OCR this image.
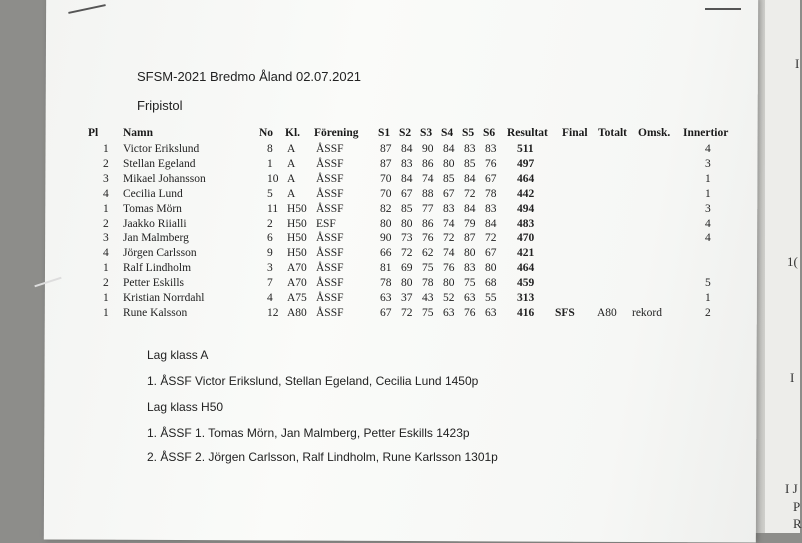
I
1(
I
I J
P
R
SFSM-2021 Bredmo Åland 02.07.2021
Fripistol
Pl Namn	No Kl. Förening S1 S2 S3 S4 S5 S6 Resultat Final Totalt Omsk. Innertior
1 Victor Erikslund	8 A ÅSSF	87 84 90 84 83 83 511	4
2 Stellan Egeland	1 A ÅSSF	87 83 86 80 85 76 497	3
3 Mikael Johansson	10 A ÅSSF	70 84 74 85 84 67 464	1
4 Cecilia Lund	5 A ÅSSF	70 67 88 67 72 78 442	1
1 Tomas Mörn	11 H50 ÅSSF	82 85 77 83 84 83 494	3
2 Jaakko Riialli	2 H50 ESF	80 80 86 74 79 84 483	4
3 Jan Malmberg	6 H50 ÅSSF	90 73 76 72 87 72 470	4
4 Jörgen Carlsson	9 H50 ÅSSF	66 72 62 74 80 67 421
1 Ralf Lindholm	3 A70 ÅSSF	81 69 75 76 83 80 464
2 Petter Eskills	7 A70 ÅSSF	78 80 78 80 75 68 459	5
1 Kristian Norrdahl	4 A75 ÅSSF	63 37 43 52 63 55 313	1
1 Rune Kalsson	12 A80 ÅSSF	67 72 75 63 76 63 416 SFS A80 rekord	2
Lag klass A
1. ÅSSF Victor Erikslund, Stellan Egeland, Cecilia Lund 1450p
Lag klass H50
1. ÅSSF 1. Tomas Mörn, Jan Malmberg, Petter Eskills 1423p
2. ÅSSF 2. Jörgen Carlsson, Ralf Lindholm, Rune Karlsson 1301p
